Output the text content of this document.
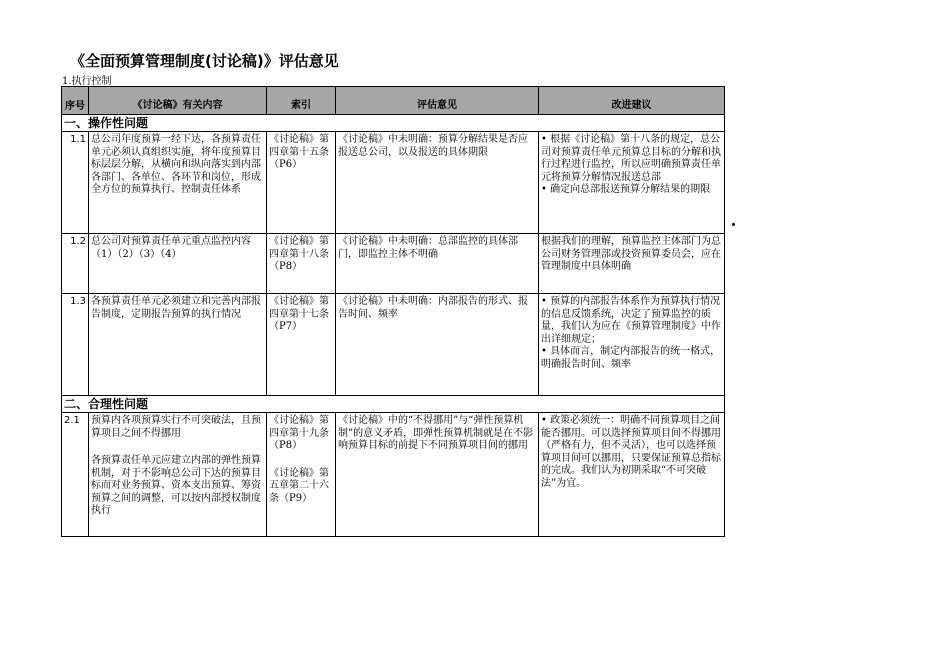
《全面预算管理制度(讨论稿)》评估意见
1.执行控制
序号	《讨论稿》有关内容	索引	评估意见	改进建议
一、操作性问题				
1.1	总公司年度预算一经下达，各预算责任单元必须认真组织实施，将年度预算目标层层分解，从横向和纵向落实到内部各部门、各单位、各环节和岗位，形成全方位的预算执行、控制责任体系	《讨论稿》第四章第十五条（P6）	《讨论稿》中未明确：预算分解结果是否应报送总公司，以及报送的具体期限	• 根据《讨论稿》第十八条的规定，总公司对预算责任单元预算总目标的分解和执行过程进行监控，所以应明确预算责任单元将预算分解情况报送总部
• 确定向总部报送预算分解结果的期限

1.2	总公司对预算责任单元重点监控内容（1）（2）（3）（4）	《讨论稿》第四章第十八条（P8）	《讨论稿》中未明确：总部监控的具体部门，即监控主体不明确	根据我们的理解，预算监控主体部门为总公司财务管理部或投资预算委员会，应在管理制度中具体明确
1.3	各预算责任单元必须建立和完善内部报告制度，定期报告预算的执行情况	《讨论稿》第四章第十七条（P7）	《讨论稿》中未明确：内部报告的形式、报告时间、频率	• 预算的内部报告体系作为预算执行情况的信息反馈系统，决定了预算监控的质量，我们认为应在《预算管理制度》中作出详细规定；
• 具体而言，制定内部报告的统一格式，明确报告时间、频率

二、合理性问题				
2.1	预算内各项预算实行不可突破法，且预算项目之间不得挪用
各预算责任单元应建立内部的弹性预算机制，对于不影响总公司下达的预算目标而对业务预算、资本支出预算、筹资预算之间的调整，可以按内部授权制度执行	《讨论稿》第四章第十九条（P8）
《讨论稿》第五章第二十六条（P9）	《讨论稿》中的“不得挪用”与“弹性预算机制”的意义矛盾，即弹性预算机制就是在不影响预算目标的前提下不同预算项目间的挪用	• 政策必须统一：明确不同预算项目之间能否挪用。可以选择预算项目间不得挪用（严格有力，但不灵活），也可以选择预算项目间可以挪用，只要保证预算总指标的完成。我们认为初期采取“不可突破法”为宜。
